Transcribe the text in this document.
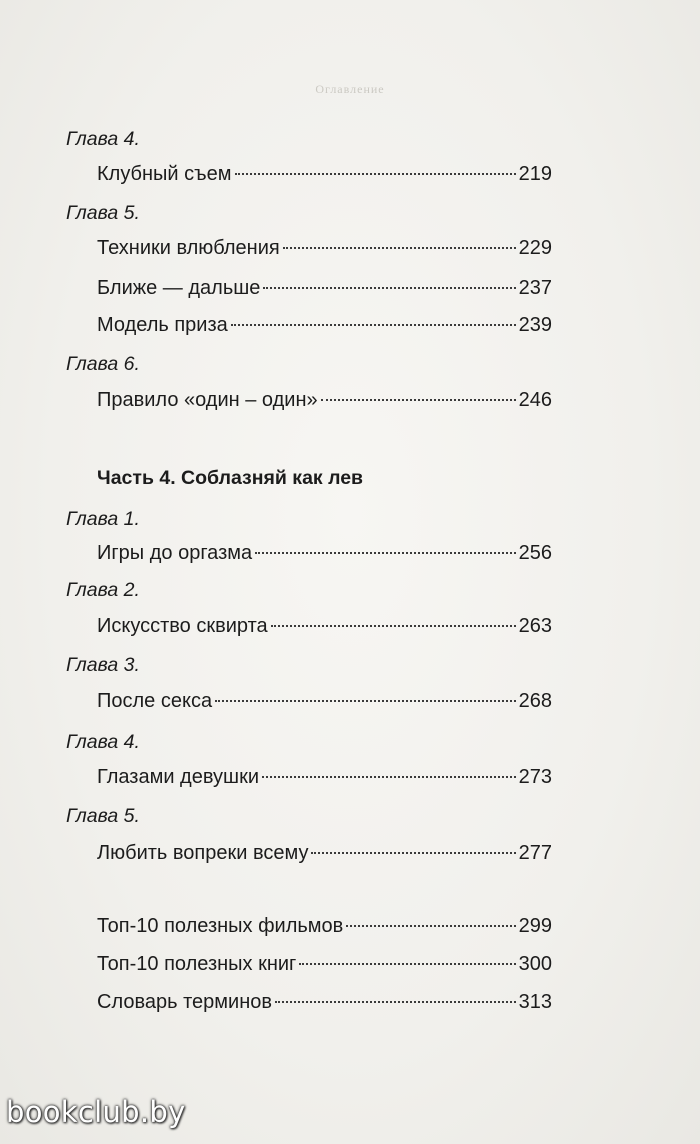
Оглавление
Глава 4.
Клубный съем	219
Глава 5.
Техники влюбления	229
Ближе — дальше	237
Модель приза	239
Глава 6.
Правило «один – один»	246
Часть 4. Соблазняй как лев
Глава 1.
Игры до оргазма	256
Глава 2.
Искусство сквирта	263
Глава 3.
После секса	268
Глава 4.
Глазами девушки	273
Глава 5.
Любить вопреки всему	277
Топ-10 полезных фильмов	299
Топ-10 полезных книг	300
Словарь терминов	313
bookclub.by
